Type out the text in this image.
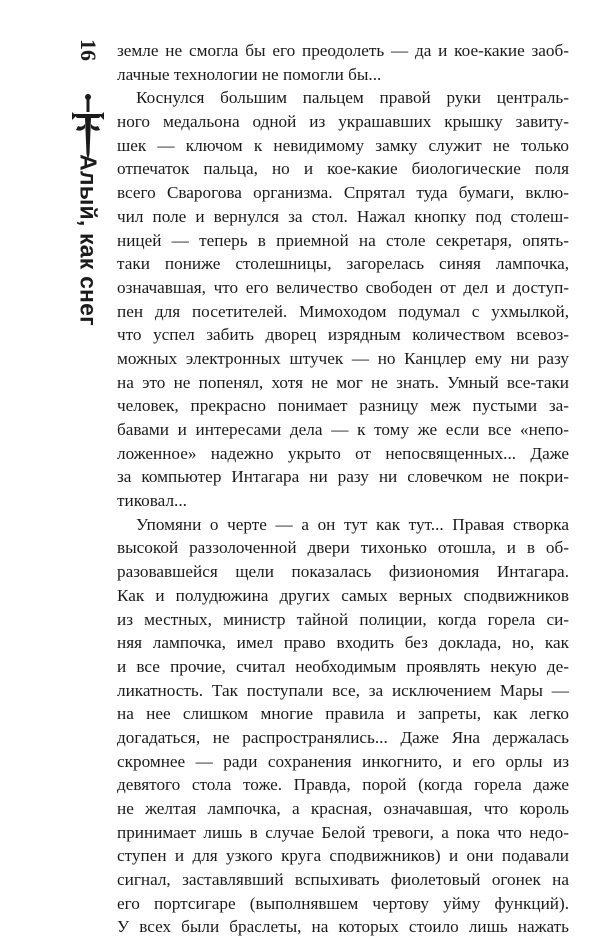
16
Алый, как снег
земле не смогла бы его преодолеть — да и кое-какие заоб-
лачные технологии не помогли бы...
Коснулся большим пальцем правой руки централь-
ного медальона одной из украшавших крышку завиту-
шек — ключом к невидимому замку служит не только
отпечаток пальца, но и кое-какие биологические поля
всего Сварогова организма. Спрятал туда бумаги, вклю-
чил поле и вернулся за стол. Нажал кнопку под столеш-
ницей — теперь в приемной на столе секретаря, опять-
таки пониже столешницы, загорелась синяя лампочка,
означавшая, что его величество свободен от дел и доступ-
пен для посетителей. Мимоходом подумал с ухмылкой,
что успел забить дворец изрядным количеством всевоз-
можных электронных штучек — но Канцлер ему ни разу
на это не попенял, хотя не мог не знать. Умный все-таки
человек, прекрасно понимает разницу меж пустыми за-
бавами и интересами дела — к тому же если все «непо-
ложенное» надежно укрыто от непосвященных... Даже
за компьютер Интагара ни разу ни словечком не покри-
тиковал...
Упомяни о черте — а он тут как тут... Правая створка
высокой раззолоченной двери тихонько отошла, и в об-
разовавшейся щели показалась физиономия Интагара.
Как и полудюжина других самых верных сподвижников
из местных, министр тайной полиции, когда горела си-
няя лампочка, имел право входить без доклада, но, как
и все прочие, считал необходимым проявлять некую де-
ликатность. Так поступали все, за исключением Мары —
на нее слишком многие правила и запреты, как легко
догадаться, не распространялись... Даже Яна держалась
скромнее — ради сохранения инкогнито, и его орлы из
девятого стола тоже. Правда, порой (когда горела даже
не желтая лампочка, а красная, означавшая, что король
принимает лишь в случае Белой тревоги, а пока что недо-
ступен и для узкого круга сподвижников) и они подавали
сигнал, заставлявший вспыхивать фиолетовый огонек на
его портсигаре (выполнявшем чертову уйму функций).
У всех были браслеты, на которых стоило лишь нажать
